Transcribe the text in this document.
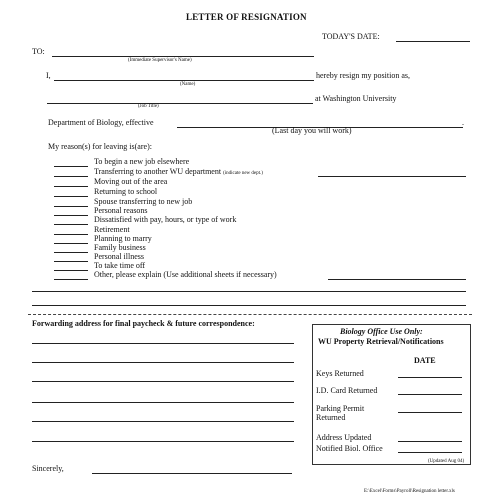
LETTER OF RESIGNATION
TODAY'S DATE:
TO:
(Immediate Supervisor's Name)
I,	hereby resign my position as,
(Name)
at Washington University
(Job Title)
Department of Biology, effective	.
(Last day you will work)
My reason(s) for leaving is(are):
To begin a new job elsewhere
Transferring to another WU department (indicate new dept.)
Moving out of the area
Returning to school
Spouse transferring to new job
Personal reasons
Dissatisfied with pay, hours, or type of work
Retirement
Planning to marry
Family business
Personal illness
To take time off
Other, please explain (Use additional sheets if necessary)
Forwarding address for final paycheck & future correspondence:
Biology Office Use Only:
WU Property Retrieval/Notifications
DATE
Keys Returned
I.D. Card Returned
Parking Permit
Returned
Address Updated
Notified Biol. Office
(Updated Aug 04)
Sincerely,
E:\Excel\Forms\Payroll\Resignation letter.xls
